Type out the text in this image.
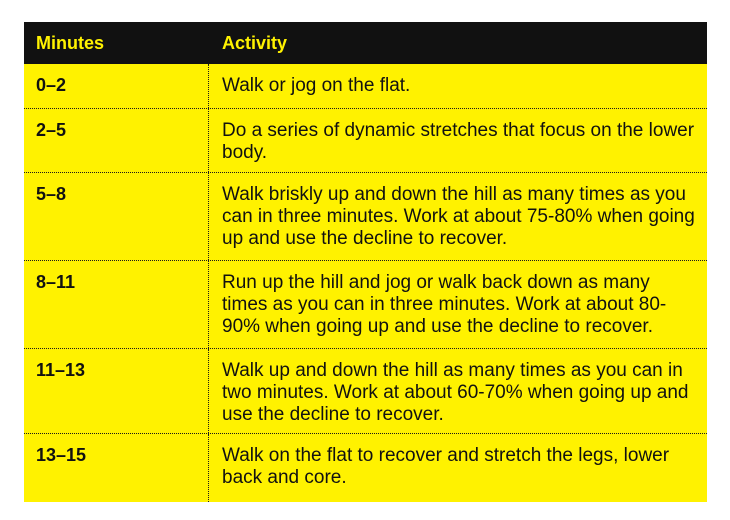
Minutes	Activity
0–2	Walk or jog on the flat.
2–5	Do a series of dynamic stretches that focus on the lower body.
5–8	Walk briskly up and down the hill as many times as you can in three minutes. Work at about 75-80% when going up and use the decline to recover.
8–11	Run up the hill and jog or walk back down as many times as you can in three minutes. Work at about 80-90% when going up and use the decline to recover.
11–13	Walk up and down the hill as many times as you can in two minutes. Work at about 60-70% when going up and use the decline to recover.
13–15	Walk on the flat to recover and stretch the legs, lower back and core.
